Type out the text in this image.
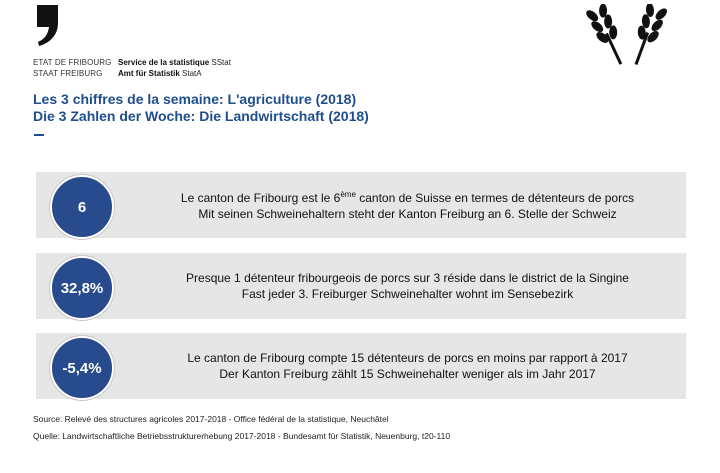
ETAT DE FRIBOURG
STAAT FREIBURG
Service de la statistique SStat
Amt für Statistik StatA
Les 3 chiffres de la semaine: L'agriculture (2018)
Die 3 Zahlen der Woche: Die Landwirtschaft (2018)
6
32,8%
-5,4%
Le canton de Fribourg est le 6ème canton de Suisse en termes de détenteurs de porcs
Mit seinen Schweinehaltern steht der Kanton Freiburg an 6. Stelle der Schweiz
Presque 1 détenteur fribourgeois de porcs sur 3 réside dans le district de la Singine
Fast jeder 3. Freiburger Schweinehalter wohnt im Sensebezirk
Le canton de Fribourg compte 15 détenteurs de porcs en moins par rapport à 2017
Der Kanton Freiburg zählt 15 Schweinehalter weniger als im Jahr 2017
Source: Relevé des structures agricoles 2017-2018 - Office fédéral de la statistique, Neuchâtel
Quelle: Landwirtschaftliche Betriebsstrukturerhebung 2017-2018 - Bundesamt für Statistik, Neuenburg, t20-110
